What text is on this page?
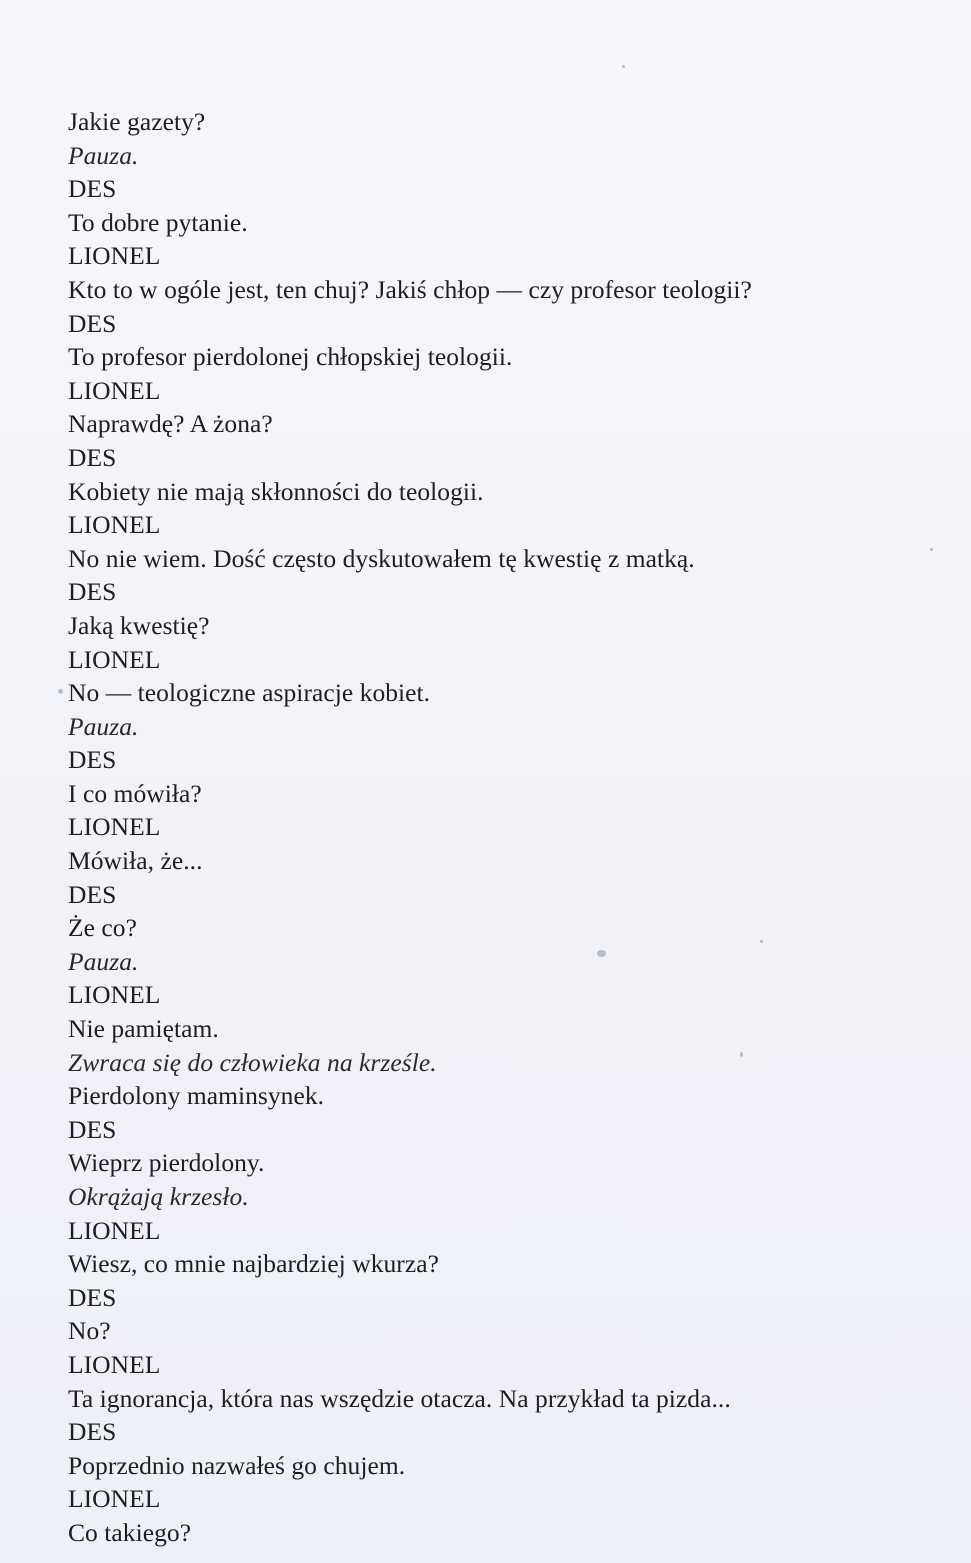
Jakie gazety?
Pauza.
DES
To dobre pytanie.
LIONEL
Kto to w ogóle jest, ten chuj? Jakiś chłop — czy profesor teologii?
DES
To profesor pierdolonej chłopskiej teologii.
LIONEL
Naprawdę? A żona?
DES
Kobiety nie mają skłonności do teologii.
LIONEL
No nie wiem. Dość często dyskutowałem tę kwestię z matką.
DES
Jaką kwestię?
LIONEL
No — teologiczne aspiracje kobiet.
Pauza.
DES
I co mówiła?
LIONEL
Mówiła, że...
DES
Że co?
Pauza.
LIONEL
Nie pamiętam.
Zwraca się do człowieka na krześle.
Pierdolony maminsynek.
DES
Wieprz pierdolony.
Okrążają krzesło.
LIONEL
Wiesz, co mnie najbardziej wkurza?
DES
No?
LIONEL
Ta ignorancja, która nas wszędzie otacza. Na przykład ta pizda...
DES
Poprzednio nazwałeś go chujem.
LIONEL
Co takiego?
